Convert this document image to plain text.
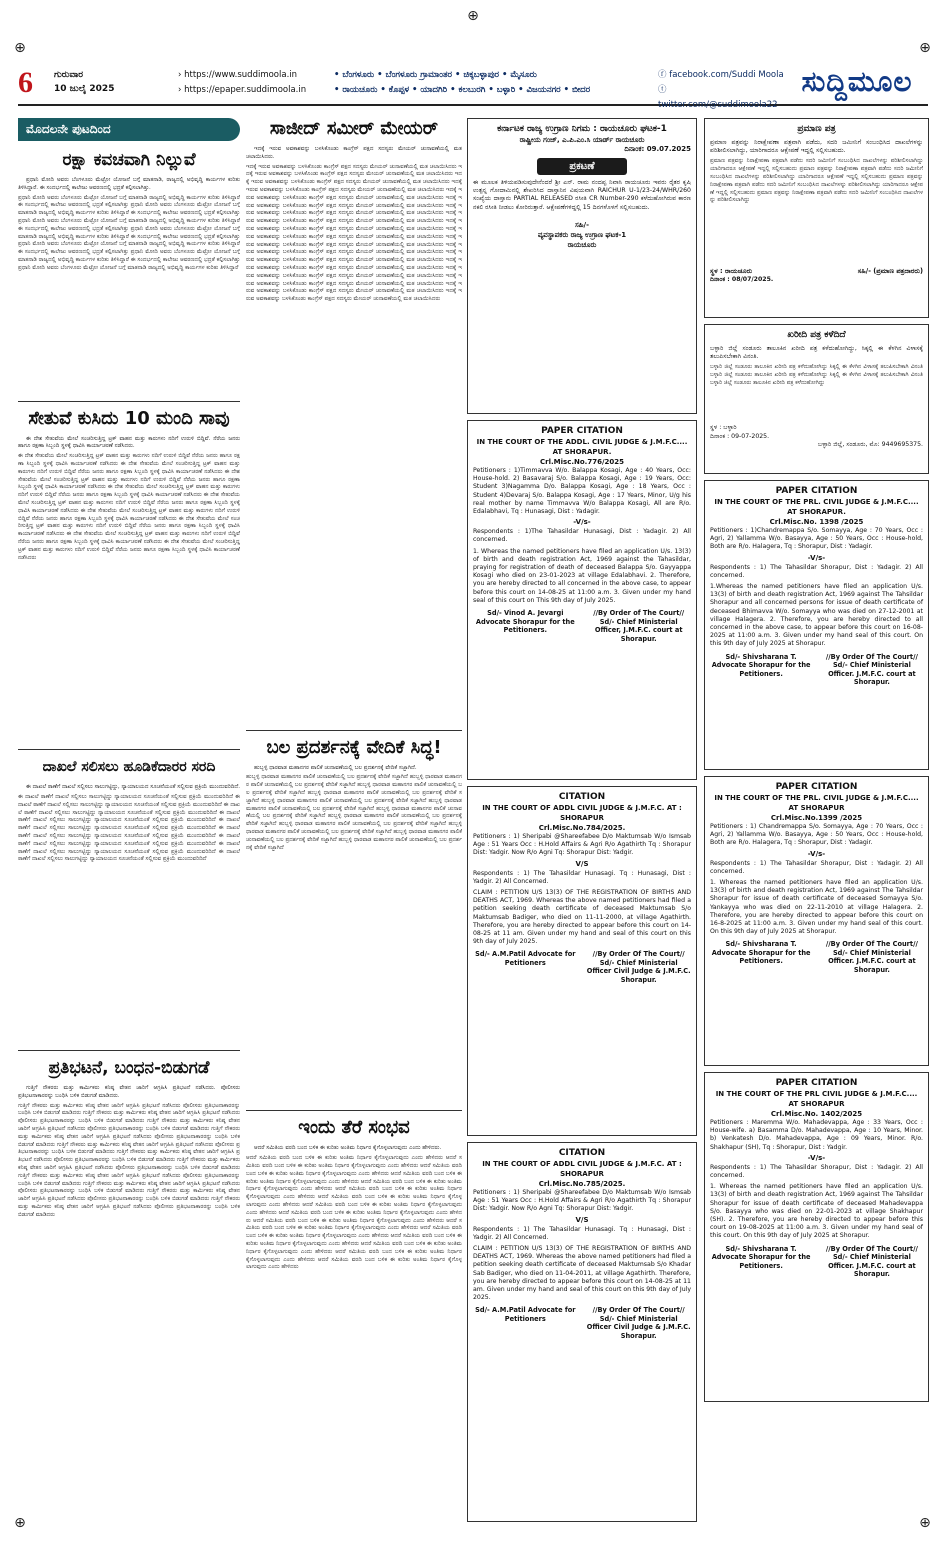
⊕
⊕	⊕
⊕	⊕
6	ಗುರುವಾರ
10 ಜುಲೈ 2025
› https://www.suddimoola.in
› https://epaper.suddimoola.in
• ಬೆಂಗಳೂರು • ಬೆಂಗಳೂರು ಗ್ರಾಮಾಂತರ • ಚಿಕ್ಕಬಳ್ಳಾಪುರ • ಮೈಸೂರು
• ರಾಯಚೂರು • ಕೊಪ್ಪಳ • ಯಾದಗಿರಿ • ಕಲಬುರಗಿ • ಬಳ್ಳಾರಿ • ವಿಜಯನಗರ • ಬೀದರ
ⓕ facebook.com/Suddi Moola
ⓣ twitter.com/@suddimoola22
ಸುದ್ದಿಮೂಲ
ಮೊದಲನೇ ಪುಟದಿಂದ
ರಕ್ಷಾ ಕವಚವಾಗಿ ನಿಲ್ಲುವೆ

ಪ್ರಧಾನಿ ಮೋದಿ ಅವರು ಬೆಂಗಳೂರು ಮೆಟ್ರೋ ಯೋಜನೆ ಬಗ್ಗೆ ಮಾತನಾಡಿ, ರಾಜ್ಯದಲ್ಲಿ ಅಭಿವೃದ್ಧಿ ಕಾರ್ಯಗಳ ಕುರಿತು ತಿಳಿಸಿದ್ದಾರೆ. ಈ ಸಂದರ್ಭದಲ್ಲಿ ಕಾಲೇಜು ಆವರಣದಲ್ಲಿ ಭದ್ರತೆ ಕಲ್ಪಿಸಲಾಗಿತ್ತು.

ಪ್ರಧಾನಿ ಮೋದಿ ಅವರು ಬೆಂಗಳೂರು ಮೆಟ್ರೋ ಯೋಜನೆ ಬಗ್ಗೆ ಮಾತನಾಡಿ ರಾಜ್ಯದಲ್ಲಿ ಅಭಿವೃದ್ಧಿ ಕಾರ್ಯಗಳ ಕುರಿತು ತಿಳಿಸಿದ್ದಾರೆ ಈ ಸಂದರ್ಭದಲ್ಲಿ ಕಾಲೇಜು ಆವರಣದಲ್ಲಿ ಭದ್ರತೆ ಕಲ್ಪಿಸಲಾಗಿತ್ತು ಪ್ರಧಾನಿ ಮೋದಿ ಅವರು ಬೆಂಗಳೂರು ಮೆಟ್ರೋ ಯೋಜನೆ ಬಗ್ಗೆ ಮಾತನಾಡಿ ರಾಜ್ಯದಲ್ಲಿ ಅಭಿವೃದ್ಧಿ ಕಾರ್ಯಗಳ ಕುರಿತು ತಿಳಿಸಿದ್ದಾರೆ ಈ ಸಂದರ್ಭದಲ್ಲಿ ಕಾಲೇಜು ಆವರಣದಲ್ಲಿ ಭದ್ರತೆ ಕಲ್ಪಿಸಲಾಗಿತ್ತು ಪ್ರಧಾನಿ ಮೋದಿ ಅವರು ಬೆಂಗಳೂರು ಮೆಟ್ರೋ ಯೋಜನೆ ಬಗ್ಗೆ ಮಾತನಾಡಿ ರಾಜ್ಯದಲ್ಲಿ ಅಭಿವೃದ್ಧಿ ಕಾರ್ಯಗಳ ಕುರಿತು ತಿಳಿಸಿದ್ದಾರೆ ಈ ಸಂದರ್ಭದಲ್ಲಿ ಕಾಲೇಜು ಆವರಣದಲ್ಲಿ ಭದ್ರತೆ ಕಲ್ಪಿಸಲಾಗಿತ್ತು ಪ್ರಧಾನಿ ಮೋದಿ ಅವರು ಬೆಂಗಳೂರು ಮೆಟ್ರೋ ಯೋಜನೆ ಬಗ್ಗೆ ಮಾತನಾಡಿ ರಾಜ್ಯದಲ್ಲಿ ಅಭಿವೃದ್ಧಿ ಕಾರ್ಯಗಳ ಕುರಿತು ತಿಳಿಸಿದ್ದಾರೆ ಈ ಸಂದರ್ಭದಲ್ಲಿ ಕಾಲೇಜು ಆವರಣದಲ್ಲಿ ಭದ್ರತೆ ಕಲ್ಪಿಸಲಾಗಿತ್ತು ಪ್ರಧಾನಿ ಮೋದಿ ಅವರು ಬೆಂಗಳೂರು ಮೆಟ್ರೋ ಯೋಜನೆ ಬಗ್ಗೆ ಮಾತನಾಡಿ ರಾಜ್ಯದಲ್ಲಿ ಅಭಿವೃದ್ಧಿ ಕಾರ್ಯಗಳ ಕುರಿತು ತಿಳಿಸಿದ್ದಾರೆ ಈ ಸಂದರ್ಭದಲ್ಲಿ ಕಾಲೇಜು ಆವರಣದಲ್ಲಿ ಭದ್ರತೆ ಕಲ್ಪಿಸಲಾಗಿತ್ತು ಪ್ರಧಾನಿ ಮೋದಿ ಅವರು ಬೆಂಗಳೂರು ಮೆಟ್ರೋ ಯೋಜನೆ ಬಗ್ಗೆ ಮಾತನಾಡಿ ರಾಜ್ಯದಲ್ಲಿ ಅಭಿವೃದ್ಧಿ ಕಾರ್ಯಗಳ ಕುರಿತು ತಿಳಿಸಿದ್ದಾರೆ ಈ ಸಂದರ್ಭದಲ್ಲಿ ಕಾಲೇಜು ಆವರಣದಲ್ಲಿ ಭದ್ರತೆ ಕಲ್ಪಿಸಲಾಗಿತ್ತು ಪ್ರಧಾನಿ ಮೋದಿ ಅವರು ಬೆಂಗಳೂರು ಮೆಟ್ರೋ ಯೋಜನೆ ಬಗ್ಗೆ ಮಾತನಾಡಿ ರಾಜ್ಯದಲ್ಲಿ ಅಭಿವೃದ್ಧಿ ಕಾರ್ಯಗಳ ಕುರಿತು ತಿಳಿಸಿದ್ದಾರೆ
ಸೇತುವೆ ಕುಸಿದು 10 ಮಂದಿ ಸಾವು

ಈ ದೇಶ ಸೇತುವೆಯ ಮೇಲೆ ಸಂಚರಿಸುತ್ತಿದ್ದ ಟ್ರಕ್ ವಾಹನ ಮತ್ತು ಕಾರುಗಳು ನದಿಗೆ ಉರುಳಿ ಬಿದ್ದಿವೆ. ನೆರೆಯ ಜನರು ಹಾಗೂ ರಕ್ಷಣಾ ಸಿಬ್ಬಂದಿ ಸ್ಥಳಕ್ಕೆ ಧಾವಿಸಿ ಕಾರ್ಯಾಚರಣೆ ನಡೆಸಿದರು.

ಈ ದೇಶ ಸೇತುವೆಯ ಮೇಲೆ ಸಂಚರಿಸುತ್ತಿದ್ದ ಟ್ರಕ್ ವಾಹನ ಮತ್ತು ಕಾರುಗಳು ನದಿಗೆ ಉರುಳಿ ಬಿದ್ದಿವೆ ನೆರೆಯ ಜನರು ಹಾಗೂ ರಕ್ಷಣಾ ಸಿಬ್ಬಂದಿ ಸ್ಥಳಕ್ಕೆ ಧಾವಿಸಿ ಕಾರ್ಯಾಚರಣೆ ನಡೆಸಿದರು ಈ ದೇಶ ಸೇತುವೆಯ ಮೇಲೆ ಸಂಚರಿಸುತ್ತಿದ್ದ ಟ್ರಕ್ ವಾಹನ ಮತ್ತು ಕಾರುಗಳು ನದಿಗೆ ಉರುಳಿ ಬಿದ್ದಿವೆ ನೆರೆಯ ಜನರು ಹಾಗೂ ರಕ್ಷಣಾ ಸಿಬ್ಬಂದಿ ಸ್ಥಳಕ್ಕೆ ಧಾವಿಸಿ ಕಾರ್ಯಾಚರಣೆ ನಡೆಸಿದರು ಈ ದೇಶ ಸೇತುವೆಯ ಮೇಲೆ ಸಂಚರಿಸುತ್ತಿದ್ದ ಟ್ರಕ್ ವಾಹನ ಮತ್ತು ಕಾರುಗಳು ನದಿಗೆ ಉರುಳಿ ಬಿದ್ದಿವೆ ನೆರೆಯ ಜನರು ಹಾಗೂ ರಕ್ಷಣಾ ಸಿಬ್ಬಂದಿ ಸ್ಥಳಕ್ಕೆ ಧಾವಿಸಿ ಕಾರ್ಯಾಚರಣೆ ನಡೆಸಿದರು ಈ ದೇಶ ಸೇತುವೆಯ ಮೇಲೆ ಸಂಚರಿಸುತ್ತಿದ್ದ ಟ್ರಕ್ ವಾಹನ ಮತ್ತು ಕಾರುಗಳು ನದಿಗೆ ಉರುಳಿ ಬಿದ್ದಿವೆ ನೆರೆಯ ಜನರು ಹಾಗೂ ರಕ್ಷಣಾ ಸಿಬ್ಬಂದಿ ಸ್ಥಳಕ್ಕೆ ಧಾವಿಸಿ ಕಾರ್ಯಾಚರಣೆ ನಡೆಸಿದರು ಈ ದೇಶ ಸೇತುವೆಯ ಮೇಲೆ ಸಂಚರಿಸುತ್ತಿದ್ದ ಟ್ರಕ್ ವಾಹನ ಮತ್ತು ಕಾರುಗಳು ನದಿಗೆ ಉರುಳಿ ಬಿದ್ದಿವೆ ನೆರೆಯ ಜನರು ಹಾಗೂ ರಕ್ಷಣಾ ಸಿಬ್ಬಂದಿ ಸ್ಥಳಕ್ಕೆ ಧಾವಿಸಿ ಕಾರ್ಯಾಚರಣೆ ನಡೆಸಿದರು ಈ ದೇಶ ಸೇತುವೆಯ ಮೇಲೆ ಸಂಚರಿಸುತ್ತಿದ್ದ ಟ್ರಕ್ ವಾಹನ ಮತ್ತು ಕಾರುಗಳು ನದಿಗೆ ಉರುಳಿ ಬಿದ್ದಿವೆ ನೆರೆಯ ಜನರು ಹಾಗೂ ರಕ್ಷಣಾ ಸಿಬ್ಬಂದಿ ಸ್ಥಳಕ್ಕೆ ಧಾವಿಸಿ ಕಾರ್ಯಾಚರಣೆ ನಡೆಸಿದರು ಈ ದೇಶ ಸೇತುವೆಯ ಮೇಲೆ ಸಂಚರಿಸುತ್ತಿದ್ದ ಟ್ರಕ್ ವಾಹನ ಮತ್ತು ಕಾರುಗಳು ನದಿಗೆ ಉರುಳಿ ಬಿದ್ದಿವೆ ನೆರೆಯ ಜನರು ಹಾಗೂ ರಕ್ಷಣಾ ಸಿಬ್ಬಂದಿ ಸ್ಥಳಕ್ಕೆ ಧಾವಿಸಿ ಕಾರ್ಯಾಚರಣೆ ನಡೆಸಿದರು ಈ ದೇಶ ಸೇತುವೆಯ ಮೇಲೆ ಸಂಚರಿಸುತ್ತಿದ್ದ ಟ್ರಕ್ ವಾಹನ ಮತ್ತು ಕಾರುಗಳು ನದಿಗೆ ಉರುಳಿ ಬಿದ್ದಿವೆ ನೆರೆಯ ಜನರು ಹಾಗೂ ರಕ್ಷಣಾ ಸಿಬ್ಬಂದಿ ಸ್ಥಳಕ್ಕೆ ಧಾವಿಸಿ ಕಾರ್ಯಾಚರಣೆ ನಡೆಸಿದರು ಈ ದೇಶ ಸೇತುವೆಯ ಮೇಲೆ ಸಂಚರಿಸುತ್ತಿದ್ದ ಟ್ರಕ್ ವಾಹನ ಮತ್ತು ಕಾರುಗಳು ನದಿಗೆ ಉರುಳಿ ಬಿದ್ದಿವೆ ನೆರೆಯ ಜನರು ಹಾಗೂ ರಕ್ಷಣಾ ಸಿಬ್ಬಂದಿ ಸ್ಥಳಕ್ಕೆ ಧಾವಿಸಿ ಕಾರ್ಯಾಚರಣೆ ನಡೆಸಿದರು
ದಾಖಲೆ ಸಲಿಸಲು ಹೂಡಿಕೆದಾರರ ಸರದಿ

ಈ ದಾಖಲೆ ಠಾಣೆಗೆ ದಾಖಲೆ ಸಲ್ಲಿಸಲು ಸಾಲುಗಟ್ಟಿದ್ದು, ನ್ಯಾಯಾಲಯದ ಸೂಚನೆಯಂತೆ ಸಲ್ಲಿಸುವ ಪ್ರಕ್ರಿಯೆ ಮುಂದುವರಿದಿದೆ.

ಈ ದಾಖಲೆ ಠಾಣೆಗೆ ದಾಖಲೆ ಸಲ್ಲಿಸಲು ಸಾಲುಗಟ್ಟಿದ್ದು ನ್ಯಾಯಾಲಯದ ಸೂಚನೆಯಂತೆ ಸಲ್ಲಿಸುವ ಪ್ರಕ್ರಿಯೆ ಮುಂದುವರಿದಿದೆ ಈ ದಾಖಲೆ ಠಾಣೆಗೆ ದಾಖಲೆ ಸಲ್ಲಿಸಲು ಸಾಲುಗಟ್ಟಿದ್ದು ನ್ಯಾಯಾಲಯದ ಸೂಚನೆಯಂತೆ ಸಲ್ಲಿಸುವ ಪ್ರಕ್ರಿಯೆ ಮುಂದುವರಿದಿದೆ ಈ ದಾಖಲೆ ಠಾಣೆಗೆ ದಾಖಲೆ ಸಲ್ಲಿಸಲು ಸಾಲುಗಟ್ಟಿದ್ದು ನ್ಯಾಯಾಲಯದ ಸೂಚನೆಯಂತೆ ಸಲ್ಲಿಸುವ ಪ್ರಕ್ರಿಯೆ ಮುಂದುವರಿದಿದೆ ಈ ದಾಖಲೆ ಠಾಣೆಗೆ ದಾಖಲೆ ಸಲ್ಲಿಸಲು ಸಾಲುಗಟ್ಟಿದ್ದು ನ್ಯಾಯಾಲಯದ ಸೂಚನೆಯಂತೆ ಸಲ್ಲಿಸುವ ಪ್ರಕ್ರಿಯೆ ಮುಂದುವರಿದಿದೆ ಈ ದಾಖಲೆ ಠಾಣೆಗೆ ದಾಖಲೆ ಸಲ್ಲಿಸಲು ಸಾಲುಗಟ್ಟಿದ್ದು ನ್ಯಾಯಾಲಯದ ಸೂಚನೆಯಂತೆ ಸಲ್ಲಿಸುವ ಪ್ರಕ್ರಿಯೆ ಮುಂದುವರಿದಿದೆ ಈ ದಾಖಲೆ ಠಾಣೆಗೆ ದಾಖಲೆ ಸಲ್ಲಿಸಲು ಸಾಲುಗಟ್ಟಿದ್ದು ನ್ಯಾಯಾಲಯದ ಸೂಚನೆಯಂತೆ ಸಲ್ಲಿಸುವ ಪ್ರಕ್ರಿಯೆ ಮುಂದುವರಿದಿದೆ ಈ ದಾಖಲೆ ಠಾಣೆಗೆ ದಾಖಲೆ ಸಲ್ಲಿಸಲು ಸಾಲುಗಟ್ಟಿದ್ದು ನ್ಯಾಯಾಲಯದ ಸೂಚನೆಯಂತೆ ಸಲ್ಲಿಸುವ ಪ್ರಕ್ರಿಯೆ ಮುಂದುವರಿದಿದೆ ಈ ದಾಖಲೆ ಠಾಣೆಗೆ ದಾಖಲೆ ಸಲ್ಲಿಸಲು ಸಾಲುಗಟ್ಟಿದ್ದು ನ್ಯಾಯಾಲಯದ ಸೂಚನೆಯಂತೆ ಸಲ್ಲಿಸುವ ಪ್ರಕ್ರಿಯೆ ಮುಂದುವರಿದಿದೆ ಈ ದಾಖಲೆ ಠಾಣೆಗೆ ದಾಖಲೆ ಸಲ್ಲಿಸಲು ಸಾಲುಗಟ್ಟಿದ್ದು ನ್ಯಾಯಾಲಯದ ಸೂಚನೆಯಂತೆ ಸಲ್ಲಿಸುವ ಪ್ರಕ್ರಿಯೆ ಮುಂದುವರಿದಿದೆ
ಪ್ರತಿಭಟನೆ, ಬಂಧನ-ಬಿಡುಗಡೆ

ಗುತ್ತಿಗೆ ನೌಕರರು ಮತ್ತು ಕಾರ್ಮಿಕರು ಕನಿಷ್ಠ ವೇತನ ಜಾರಿಗೆ ಆಗ್ರಹಿಸಿ ಪ್ರತಿಭಟನೆ ನಡೆಸಿದರು. ಪೊಲೀಸರು ಪ್ರತಿಭಟನಾಕಾರರನ್ನು ಬಂಧಿಸಿ ಬಳಿಕ ಬಿಡುಗಡೆ ಮಾಡಿದರು.

ಗುತ್ತಿಗೆ ನೌಕರರು ಮತ್ತು ಕಾರ್ಮಿಕರು ಕನಿಷ್ಠ ವೇತನ ಜಾರಿಗೆ ಆಗ್ರಹಿಸಿ ಪ್ರತಿಭಟನೆ ನಡೆಸಿದರು ಪೊಲೀಸರು ಪ್ರತಿಭಟನಾಕಾರರನ್ನು ಬಂಧಿಸಿ ಬಳಿಕ ಬಿಡುಗಡೆ ಮಾಡಿದರು ಗುತ್ತಿಗೆ ನೌಕರರು ಮತ್ತು ಕಾರ್ಮಿಕರು ಕನಿಷ್ಠ ವೇತನ ಜಾರಿಗೆ ಆಗ್ರಹಿಸಿ ಪ್ರತಿಭಟನೆ ನಡೆಸಿದರು ಪೊಲೀಸರು ಪ್ರತಿಭಟನಾಕಾರರನ್ನು ಬಂಧಿಸಿ ಬಳಿಕ ಬಿಡುಗಡೆ ಮಾಡಿದರು ಗುತ್ತಿಗೆ ನೌಕರರು ಮತ್ತು ಕಾರ್ಮಿಕರು ಕನಿಷ್ಠ ವೇತನ ಜಾರಿಗೆ ಆಗ್ರಹಿಸಿ ಪ್ರತಿಭಟನೆ ನಡೆಸಿದರು ಪೊಲೀಸರು ಪ್ರತಿಭಟನಾಕಾರರನ್ನು ಬಂಧಿಸಿ ಬಳಿಕ ಬಿಡುಗಡೆ ಮಾಡಿದರು ಗುತ್ತಿಗೆ ನೌಕರರು ಮತ್ತು ಕಾರ್ಮಿಕರು ಕನಿಷ್ಠ ವೇತನ ಜಾರಿಗೆ ಆಗ್ರಹಿಸಿ ಪ್ರತಿಭಟನೆ ನಡೆಸಿದರು ಪೊಲೀಸರು ಪ್ರತಿಭಟನಾಕಾರರನ್ನು ಬಂಧಿಸಿ ಬಳಿಕ ಬಿಡುಗಡೆ ಮಾಡಿದರು ಗುತ್ತಿಗೆ ನೌಕರರು ಮತ್ತು ಕಾರ್ಮಿಕರು ಕನಿಷ್ಠ ವೇತನ ಜಾರಿಗೆ ಆಗ್ರಹಿಸಿ ಪ್ರತಿಭಟನೆ ನಡೆಸಿದರು ಪೊಲೀಸರು ಪ್ರತಿಭಟನಾಕಾರರನ್ನು ಬಂಧಿಸಿ ಬಳಿಕ ಬಿಡುಗಡೆ ಮಾಡಿದರು ಗುತ್ತಿಗೆ ನೌಕರರು ಮತ್ತು ಕಾರ್ಮಿಕರು ಕನಿಷ್ಠ ವೇತನ ಜಾರಿಗೆ ಆಗ್ರಹಿಸಿ ಪ್ರತಿಭಟನೆ ನಡೆಸಿದರು ಪೊಲೀಸರು ಪ್ರತಿಭಟನಾಕಾರರನ್ನು ಬಂಧಿಸಿ ಬಳಿಕ ಬಿಡುಗಡೆ ಮಾಡಿದರು ಗುತ್ತಿಗೆ ನೌಕರರು ಮತ್ತು ಕಾರ್ಮಿಕರು ಕನಿಷ್ಠ ವೇತನ ಜಾರಿಗೆ ಆಗ್ರಹಿಸಿ ಪ್ರತಿಭಟನೆ ನಡೆಸಿದರು ಪೊಲೀಸರು ಪ್ರತಿಭಟನಾಕಾರರನ್ನು ಬಂಧಿಸಿ ಬಳಿಕ ಬಿಡುಗಡೆ ಮಾಡಿದರು ಗುತ್ತಿಗೆ ನೌಕರರು ಮತ್ತು ಕಾರ್ಮಿಕರು ಕನಿಷ್ಠ ವೇತನ ಜಾರಿಗೆ ಆಗ್ರಹಿಸಿ ಪ್ರತಿಭಟನೆ ನಡೆಸಿದರು ಪೊಲೀಸರು ಪ್ರತಿಭಟನಾಕಾರರನ್ನು ಬಂಧಿಸಿ ಬಳಿಕ ಬಿಡುಗಡೆ ಮಾಡಿದರು ಗುತ್ತಿಗೆ ನೌಕರರು ಮತ್ತು ಕಾರ್ಮಿಕರು ಕನಿಷ್ಠ ವೇತನ ಜಾರಿಗೆ ಆಗ್ರಹಿಸಿ ಪ್ರತಿಭಟನೆ ನಡೆಸಿದರು ಪೊಲೀಸರು ಪ್ರತಿಭಟನಾಕಾರರನ್ನು ಬಂಧಿಸಿ ಬಳಿಕ ಬಿಡುಗಡೆ ಮಾಡಿದರು ಗುತ್ತಿಗೆ ನೌಕರರು ಮತ್ತು ಕಾರ್ಮಿಕರು ಕನಿಷ್ಠ ವೇತನ ಜಾರಿಗೆ ಆಗ್ರಹಿಸಿ ಪ್ರತಿಭಟನೆ ನಡೆಸಿದರು ಪೊಲೀಸರು ಪ್ರತಿಭಟನಾಕಾರರನ್ನು ಬಂಧಿಸಿ ಬಳಿಕ ಬಿಡುಗಡೆ ಮಾಡಿದರು ಗುತ್ತಿಗೆ ನೌಕರರು ಮತ್ತು ಕಾರ್ಮಿಕರು ಕನಿಷ್ಠ ವೇತನ ಜಾರಿಗೆ ಆಗ್ರಹಿಸಿ ಪ್ರತಿಭಟನೆ ನಡೆಸಿದರು ಪೊಲೀಸರು ಪ್ರತಿಭಟನಾಕಾರರನ್ನು ಬಂಧಿಸಿ ಬಳಿಕ ಬಿಡುಗಡೆ ಮಾಡಿದರು
ಸಾಜೀದ್ ಸಮೀರ್ ಮೇಯರ್

ಇದಕ್ಕೆ ಇರುವ ಅವಕಾಶವನ್ನು ಬಳಸಿಕೊಂಡು ಕಾಂಗ್ರೆಸ್ ಪಕ್ಷದ ಸದಸ್ಯರು ಮೇಯರ್ ಚುನಾವಣೆಯಲ್ಲಿ ಮತ ಚಲಾಯಿಸಿದರು.

ಇದಕ್ಕೆ ಇರುವ ಅವಕಾಶವನ್ನು ಬಳಸಿಕೊಂಡು ಕಾಂಗ್ರೆಸ್ ಪಕ್ಷದ ಸದಸ್ಯರು ಮೇಯರ್ ಚುನಾವಣೆಯಲ್ಲಿ ಮತ ಚಲಾಯಿಸಿದರು ಇದಕ್ಕೆ ಇರುವ ಅವಕಾಶವನ್ನು ಬಳಸಿಕೊಂಡು ಕಾಂಗ್ರೆಸ್ ಪಕ್ಷದ ಸದಸ್ಯರು ಮೇಯರ್ ಚುನಾವಣೆಯಲ್ಲಿ ಮತ ಚಲಾಯಿಸಿದರು ಇದಕ್ಕೆ ಇರುವ ಅವಕಾಶವನ್ನು ಬಳಸಿಕೊಂಡು ಕಾಂಗ್ರೆಸ್ ಪಕ್ಷದ ಸದಸ್ಯರು ಮೇಯರ್ ಚುನಾವಣೆಯಲ್ಲಿ ಮತ ಚಲಾಯಿಸಿದರು ಇದಕ್ಕೆ ಇರುವ ಅವಕಾಶವನ್ನು ಬಳಸಿಕೊಂಡು ಕಾಂಗ್ರೆಸ್ ಪಕ್ಷದ ಸದಸ್ಯರು ಮೇಯರ್ ಚುನಾವಣೆಯಲ್ಲಿ ಮತ ಚಲಾಯಿಸಿದರು ಇದಕ್ಕೆ ಇರುವ ಅವಕಾಶವನ್ನು ಬಳಸಿಕೊಂಡು ಕಾಂಗ್ರೆಸ್ ಪಕ್ಷದ ಸದಸ್ಯರು ಮೇಯರ್ ಚುನಾವಣೆಯಲ್ಲಿ ಮತ ಚಲಾಯಿಸಿದರು ಇದಕ್ಕೆ ಇರುವ ಅವಕಾಶವನ್ನು ಬಳಸಿಕೊಂಡು ಕಾಂಗ್ರೆಸ್ ಪಕ್ಷದ ಸದಸ್ಯರು ಮೇಯರ್ ಚುನಾವಣೆಯಲ್ಲಿ ಮತ ಚಲಾಯಿಸಿದರು ಇದಕ್ಕೆ ಇರುವ ಅವಕಾಶವನ್ನು ಬಳಸಿಕೊಂಡು ಕಾಂಗ್ರೆಸ್ ಪಕ್ಷದ ಸದಸ್ಯರು ಮೇಯರ್ ಚುನಾವಣೆಯಲ್ಲಿ ಮತ ಚಲಾಯಿಸಿದರು ಇದಕ್ಕೆ ಇರುವ ಅವಕಾಶವನ್ನು ಬಳಸಿಕೊಂಡು ಕಾಂಗ್ರೆಸ್ ಪಕ್ಷದ ಸದಸ್ಯರು ಮೇಯರ್ ಚುನಾವಣೆಯಲ್ಲಿ ಮತ ಚಲಾಯಿಸಿದರು ಇದಕ್ಕೆ ಇರುವ ಅವಕಾಶವನ್ನು ಬಳಸಿಕೊಂಡು ಕಾಂಗ್ರೆಸ್ ಪಕ್ಷದ ಸದಸ್ಯರು ಮೇಯರ್ ಚುನಾವಣೆಯಲ್ಲಿ ಮತ ಚಲಾಯಿಸಿದರು ಇದಕ್ಕೆ ಇರುವ ಅವಕಾಶವನ್ನು ಬಳಸಿಕೊಂಡು ಕಾಂಗ್ರೆಸ್ ಪಕ್ಷದ ಸದಸ್ಯರು ಮೇಯರ್ ಚುನಾವಣೆಯಲ್ಲಿ ಮತ ಚಲಾಯಿಸಿದರು ಇದಕ್ಕೆ ಇರುವ ಅವಕಾಶವನ್ನು ಬಳಸಿಕೊಂಡು ಕಾಂಗ್ರೆಸ್ ಪಕ್ಷದ ಸದಸ್ಯರು ಮೇಯರ್ ಚುನಾವಣೆಯಲ್ಲಿ ಮತ ಚಲಾಯಿಸಿದರು ಇದಕ್ಕೆ ಇರುವ ಅವಕಾಶವನ್ನು ಬಳಸಿಕೊಂಡು ಕಾಂಗ್ರೆಸ್ ಪಕ್ಷದ ಸದಸ್ಯರು ಮೇಯರ್ ಚುನಾವಣೆಯಲ್ಲಿ ಮತ ಚಲಾಯಿಸಿದರು ಇದಕ್ಕೆ ಇರುವ ಅವಕಾಶವನ್ನು ಬಳಸಿಕೊಂಡು ಕಾಂಗ್ರೆಸ್ ಪಕ್ಷದ ಸದಸ್ಯರು ಮೇಯರ್ ಚುನಾವಣೆಯಲ್ಲಿ ಮತ ಚಲಾಯಿಸಿದರು ಇದಕ್ಕೆ ಇರುವ ಅವಕಾಶವನ್ನು ಬಳಸಿಕೊಂಡು ಕಾಂಗ್ರೆಸ್ ಪಕ್ಷದ ಸದಸ್ಯರು ಮೇಯರ್ ಚುನಾವಣೆಯಲ್ಲಿ ಮತ ಚಲಾಯಿಸಿದರು ಇದಕ್ಕೆ ಇರುವ ಅವಕಾಶವನ್ನು ಬಳಸಿಕೊಂಡು ಕಾಂಗ್ರೆಸ್ ಪಕ್ಷದ ಸದಸ್ಯರು ಮೇಯರ್ ಚುನಾವಣೆಯಲ್ಲಿ ಮತ ಚಲಾಯಿಸಿದರು ಇದಕ್ಕೆ ಇರುವ ಅವಕಾಶವನ್ನು ಬಳಸಿಕೊಂಡು ಕಾಂಗ್ರೆಸ್ ಪಕ್ಷದ ಸದಸ್ಯರು ಮೇಯರ್ ಚುನಾವಣೆಯಲ್ಲಿ ಮತ ಚಲಾಯಿಸಿದರು ಇದಕ್ಕೆ ಇರುವ ಅವಕಾಶವನ್ನು ಬಳಸಿಕೊಂಡು ಕಾಂಗ್ರೆಸ್ ಪಕ್ಷದ ಸದಸ್ಯರು ಮೇಯರ್ ಚುನಾವಣೆಯಲ್ಲಿ ಮತ ಚಲಾಯಿಸಿದರು ಇದಕ್ಕೆ ಇರುವ ಅವಕಾಶವನ್ನು ಬಳಸಿಕೊಂಡು ಕಾಂಗ್ರೆಸ್ ಪಕ್ಷದ ಸದಸ್ಯರು ಮೇಯರ್ ಚುನಾವಣೆಯಲ್ಲಿ ಮತ ಚಲಾಯಿಸಿದರು
ಬಲ ಪ್ರದರ್ಶನಕ್ಕೆ ವೇದಿಕೆ ಸಿದ್ಧ!

ಹುಬ್ಬಳ್ಳಿ ಧಾರವಾಡ ಮಹಾನಗರ ಪಾಲಿಕೆ ಚುನಾವಣೆಯಲ್ಲಿ ಬಲ ಪ್ರದರ್ಶನಕ್ಕೆ ವೇದಿಕೆ ಸಜ್ಜಾಗಿದೆ.

ಹುಬ್ಬಳ್ಳಿ ಧಾರವಾಡ ಮಹಾನಗರ ಪಾಲಿಕೆ ಚುನಾವಣೆಯಲ್ಲಿ ಬಲ ಪ್ರದರ್ಶನಕ್ಕೆ ವೇದಿಕೆ ಸಜ್ಜಾಗಿದೆ ಹುಬ್ಬಳ್ಳಿ ಧಾರವಾಡ ಮಹಾನಗರ ಪಾಲಿಕೆ ಚುನಾವಣೆಯಲ್ಲಿ ಬಲ ಪ್ರದರ್ಶನಕ್ಕೆ ವೇದಿಕೆ ಸಜ್ಜಾಗಿದೆ ಹುಬ್ಬಳ್ಳಿ ಧಾರವಾಡ ಮಹಾನಗರ ಪಾಲಿಕೆ ಚುನಾವಣೆಯಲ್ಲಿ ಬಲ ಪ್ರದರ್ಶನಕ್ಕೆ ವೇದಿಕೆ ಸಜ್ಜಾಗಿದೆ ಹುಬ್ಬಳ್ಳಿ ಧಾರವಾಡ ಮಹಾನಗರ ಪಾಲಿಕೆ ಚುನಾವಣೆಯಲ್ಲಿ ಬಲ ಪ್ರದರ್ಶನಕ್ಕೆ ವೇದಿಕೆ ಸಜ್ಜಾಗಿದೆ ಹುಬ್ಬಳ್ಳಿ ಧಾರವಾಡ ಮಹಾನಗರ ಪಾಲಿಕೆ ಚುನಾವಣೆಯಲ್ಲಿ ಬಲ ಪ್ರದರ್ಶನಕ್ಕೆ ವೇದಿಕೆ ಸಜ್ಜಾಗಿದೆ ಹುಬ್ಬಳ್ಳಿ ಧಾರವಾಡ ಮಹಾನಗರ ಪಾಲಿಕೆ ಚುನಾವಣೆಯಲ್ಲಿ ಬಲ ಪ್ರದರ್ಶನಕ್ಕೆ ವೇದಿಕೆ ಸಜ್ಜಾಗಿದೆ ಹುಬ್ಬಳ್ಳಿ ಧಾರವಾಡ ಮಹಾನಗರ ಪಾಲಿಕೆ ಚುನಾವಣೆಯಲ್ಲಿ ಬಲ ಪ್ರದರ್ಶನಕ್ಕೆ ವೇದಿಕೆ ಸಜ್ಜಾಗಿದೆ ಹುಬ್ಬಳ್ಳಿ ಧಾರವಾಡ ಮಹಾನಗರ ಪಾಲಿಕೆ ಚುನಾವಣೆಯಲ್ಲಿ ಬಲ ಪ್ರದರ್ಶನಕ್ಕೆ ವೇದಿಕೆ ಸಜ್ಜಾಗಿದೆ ಹುಬ್ಬಳ್ಳಿ ಧಾರವಾಡ ಮಹಾನಗರ ಪಾಲಿಕೆ ಚುನಾವಣೆಯಲ್ಲಿ ಬಲ ಪ್ರದರ್ಶನಕ್ಕೆ ವೇದಿಕೆ ಸಜ್ಜಾಗಿದೆ ಹುಬ್ಬಳ್ಳಿ ಧಾರವಾಡ ಮಹಾನಗರ ಪಾಲಿಕೆ ಚುನಾವಣೆಯಲ್ಲಿ ಬಲ ಪ್ರದರ್ಶನಕ್ಕೆ ವೇದಿಕೆ ಸಜ್ಜಾಗಿದೆ ಹುಬ್ಬಳ್ಳಿ ಧಾರವಾಡ ಮಹಾನಗರ ಪಾಲಿಕೆ ಚುನಾವಣೆಯಲ್ಲಿ ಬಲ ಪ್ರದರ್ಶನಕ್ಕೆ ವೇದಿಕೆ ಸಜ್ಜಾಗಿದೆ ಹುಬ್ಬಳ್ಳಿ ಧಾರವಾಡ ಮಹಾನಗರ ಪಾಲಿಕೆ ಚುನಾವಣೆಯಲ್ಲಿ ಬಲ ಪ್ರದರ್ಶನಕ್ಕೆ ವೇದಿಕೆ ಸಜ್ಜಾಗಿದೆ
ಇಂದು ತೆರೆ ಸಂಭವ

ಆದರೆ ಸಮಿತಿಯ ವರದಿ ಬಂದ ಬಳಿಕ ಈ ಕುರಿತು ಅಂತಿಮ ನಿರ್ಧಾರ ಕೈಗೊಳ್ಳಲಾಗುವುದು ಎಂದು ಹೇಳಿದರು.

ಆದರೆ ಸಮಿತಿಯ ವರದಿ ಬಂದ ಬಳಿಕ ಈ ಕುರಿತು ಅಂತಿಮ ನಿರ್ಧಾರ ಕೈಗೊಳ್ಳಲಾಗುವುದು ಎಂದು ಹೇಳಿದರು ಆದರೆ ಸಮಿತಿಯ ವರದಿ ಬಂದ ಬಳಿಕ ಈ ಕುರಿತು ಅಂತಿಮ ನಿರ್ಧಾರ ಕೈಗೊಳ್ಳಲಾಗುವುದು ಎಂದು ಹೇಳಿದರು ಆದರೆ ಸಮಿತಿಯ ವರದಿ ಬಂದ ಬಳಿಕ ಈ ಕುರಿತು ಅಂತಿಮ ನಿರ್ಧಾರ ಕೈಗೊಳ್ಳಲಾಗುವುದು ಎಂದು ಹೇಳಿದರು ಆದರೆ ಸಮಿತಿಯ ವರದಿ ಬಂದ ಬಳಿಕ ಈ ಕುರಿತು ಅಂತಿಮ ನಿರ್ಧಾರ ಕೈಗೊಳ್ಳಲಾಗುವುದು ಎಂದು ಹೇಳಿದರು ಆದರೆ ಸಮಿತಿಯ ವರದಿ ಬಂದ ಬಳಿಕ ಈ ಕುರಿತು ಅಂತಿಮ ನಿರ್ಧಾರ ಕೈಗೊಳ್ಳಲಾಗುವುದು ಎಂದು ಹೇಳಿದರು ಆದರೆ ಸಮಿತಿಯ ವರದಿ ಬಂದ ಬಳಿಕ ಈ ಕುರಿತು ಅಂತಿಮ ನಿರ್ಧಾರ ಕೈಗೊಳ್ಳಲಾಗುವುದು ಎಂದು ಹೇಳಿದರು ಆದರೆ ಸಮಿತಿಯ ವರದಿ ಬಂದ ಬಳಿಕ ಈ ಕುರಿತು ಅಂತಿಮ ನಿರ್ಧಾರ ಕೈಗೊಳ್ಳಲಾಗುವುದು ಎಂದು ಹೇಳಿದರು ಆದರೆ ಸಮಿತಿಯ ವರದಿ ಬಂದ ಬಳಿಕ ಈ ಕುರಿತು ಅಂತಿಮ ನಿರ್ಧಾರ ಕೈಗೊಳ್ಳಲಾಗುವುದು ಎಂದು ಹೇಳಿದರು ಆದರೆ ಸಮಿತಿಯ ವರದಿ ಬಂದ ಬಳಿಕ ಈ ಕುರಿತು ಅಂತಿಮ ನಿರ್ಧಾರ ಕೈಗೊಳ್ಳಲಾಗುವುದು ಎಂದು ಹೇಳಿದರು ಆದರೆ ಸಮಿತಿಯ ವರದಿ ಬಂದ ಬಳಿಕ ಈ ಕುರಿತು ಅಂತಿಮ ನಿರ್ಧಾರ ಕೈಗೊಳ್ಳಲಾಗುವುದು ಎಂದು ಹೇಳಿದರು ಆದರೆ ಸಮಿತಿಯ ವರದಿ ಬಂದ ಬಳಿಕ ಈ ಕುರಿತು ಅಂತಿಮ ನಿರ್ಧಾರ ಕೈಗೊಳ್ಳಲಾಗುವುದು ಎಂದು ಹೇಳಿದರು ಆದರೆ ಸಮಿತಿಯ ವರದಿ ಬಂದ ಬಳಿಕ ಈ ಕುರಿತು ಅಂತಿಮ ನಿರ್ಧಾರ ಕೈಗೊಳ್ಳಲಾಗುವುದು ಎಂದು ಹೇಳಿದರು ಆದರೆ ಸಮಿತಿಯ ವರದಿ ಬಂದ ಬಳಿಕ ಈ ಕುರಿತು ಅಂತಿಮ ನಿರ್ಧಾರ ಕೈಗೊಳ್ಳಲಾಗುವುದು ಎಂದು ಹೇಳಿದರು ಆದರೆ ಸಮಿತಿಯ ವರದಿ ಬಂದ ಬಳಿಕ ಈ ಕುರಿತು ಅಂತಿಮ ನಿರ್ಧಾರ ಕೈಗೊಳ್ಳಲಾಗುವುದು ಎಂದು ಹೇಳಿದರು ಆದರೆ ಸಮಿತಿಯ ವರದಿ ಬಂದ ಬಳಿಕ ಈ ಕುರಿತು ಅಂತಿಮ ನಿರ್ಧಾರ ಕೈಗೊಳ್ಳಲಾಗುವುದು ಎಂದು ಹೇಳಿದರು ಆದರೆ ಸಮಿತಿಯ ವರದಿ ಬಂದ ಬಳಿಕ ಈ ಕುರಿತು ಅಂತಿಮ ನಿರ್ಧಾರ ಕೈಗೊಳ್ಳಲಾಗುವುದು ಎಂದು ಹೇಳಿದರು
ಕರ್ನಾಟಕ ರಾಜ್ಯ ಉಗ್ರಾಣ ನಿಗಮ : ರಾಯಚೂರು ಘಟಕ-1
ರಾಷ್ಟ್ರೀಯ ಗಂಜ್, ಎ.ಪಿ.ಎಂ.ಸಿ ಯಾರ್ಡ್ ರಾಯಚೂರು
ದಿನಾಂಕ: 09.07.2025
ಪ್ರಕಟಣೆ
ಈ ಮೂಲಕ ತಿಳಿಯಪಡಿಸುವುದೇನೆಂದರೆ ಶ್ರೀ ಎನ್. ರಾಮ ನಂದಪ್ಪ ನಿವಾಸಿ ರಾಯಚೂರು ಇವರು ರೈತರ ಕೃಷಿ ಉತ್ಪನ್ನ ಗೋದಾಮಿನಲ್ಲಿ ಶೇಖರಿಸಿದ ದಾಸ್ತಾನಿನ ವಿಷಯವಾಗಿ RAICHUR U-1/23-24/WHR/260 ಸಂಖ್ಯೆಯ ದಾಸ್ತಾನು PARTIAL RELEASED ರಸೀತಿ CR Number-290 ಕಳೆದುಹೋಗಿರುವ ಕಾರಣ ನಕಲಿ ರಸೀತಿ ನೀಡಲು ಕೋರಿರುತ್ತಾರೆ. ಆಕ್ಷೇಪಣೆಗಳಿದ್ದಲ್ಲಿ 15 ದಿನಗಳೊಳಗೆ ಸಲ್ಲಿಸಬಹುದು.
ಸಹಿ/-
ವ್ಯವಸ್ಥಾಪಕರು ರಾಜ್ಯ ಉಗ್ರಾಣ ಘಟಕ-1
ರಾಯಚೂರು
PAPER CITATION
IN THE COURT OF THE ADDL. CIVIL JUDGE & J.M.F.C.... AT SHORAPUR.
Crl.Misc.No.776/2025
Petitioners : 1)Timmavva W/o. Balappa Kosagi, Age : 40 Years, Occ: House-hold. 2) Basavaraj S/o. Balappa Kosagi, Age : 19 Years, Occ: Student 3)Nagamma D/o. Balappa Kosagi, Age : 18 Years, Occ : Student 4)Devaraj S/o. Balappa Kosagi, Age : 17 Years, Minor, U/g his real mother by name Timmavva W/o Balappa Kosagi, All are R/o. Edalabhavi, Tq : Hunasagi, Dist : Yadagir.
-V/s-
Respondents : 1)The Tahasildar Hunasagi, Dist : Yadagir. 2) All concerned.
1. Whereas the named petitioners have filed an application U/s. 13(3) of birth and death registration Act, 1969 against the Tahasildar, praying for registration of death of deceased Balappa S/o. Gayyappa Kosagi who died on 23-01-2023 at village Edalabhavi. 2. Therefore, you are hereby directed to all concerned in the above case, to appear before this court on 14-08-25 at 11:00 a.m. 3. Given under my hand seal of this court on This 9th day of July 2025.
Sd/- Vinod A. Jevargi Advocate Shorapur for the Petitioners.
//By Order of The Court// Sd/- Chief Ministerial Officer, J.M.F.C. court at Shorapur.
CITATION
IN THE COURT OF ADDL CIVIL JUDGE & J.M.F.C. AT : SHORAPUR
Crl.Misc.No.784/2025.
Petitioners : 1) Sheripabi @Shareefabee D/o Maktumsab W/o Ismsab Age : 51 Years Occ : H.Hold Affairs & Agri R/o Agathirth Tq : Shorapur Dist: Yadgir. Now R/o Agni Tq: Shorapur Dist: Yadgir.
V/S
Respondents : 1) The Tahasildar Hunasagi. Tq : Hunasagi, Dist : Yadgir. 2) All Concerned.
CLAIM : PETITION U/S 13(3) OF THE REGISTRATION OF BIRTHS AND DEATHS ACT, 1969. Whereas the above named petitioners had filed a petition seeking death certificate of deceased Maktumsab S/o Maktumsab Badiger, who died on 11-11-2000, at village Agathirth. Therefore, you are hereby directed to appear before this court on 14-08-25 at 11 am. Given under my hand and seal of this court on this 9th day of July 2025.
Sd/- A.M.Patil Advocate for Petitioners
//By Order Of The Court// Sd/- Chief Ministerial Officer Civil Judge & J.M.F.C. Shorapur.
CITATION
IN THE COURT OF ADDL CIVIL JUDGE & J.M.F.C. AT : SHORAPUR
Crl.Misc.No.785/2025.
Petitioners : 1) Sheripabi @Shareefabee D/o Maktumsab W/o Ismsab Age : 51 Years Occ : H.Hold Affairs & Agri R/o Agathirth Tq : Shorapur Dist: Yadgir. Now R/o Agni Tq: Shorapur Dist: Yadgir.
V/S
Respondents : 1) The Tahasildar Hunasagi. Tq : Hunasagi, Dist : Yadgir. 2) All Concerned.
CLAIM : PETITION U/S 13(3) OF THE REGISTRATION OF BIRTHS AND DEATHS ACT, 1969. Whereas the above named petitioners had filed a petition seeking death certificate of deceased Maktumsab S/o Khadar Sab Badiger, who died on 11-04-2011, at village Agathirth. Therefore, you are hereby directed to appear before this court on 14-08-25 at 11 am. Given under my hand and seal of this court on this 9th day of July 2025.
Sd/- A.M.Patil Advocate for Petitioners
//By Order Of The Court// Sd/- Chief Ministerial Officer Civil Judge & J.M.F.C. Shorapur.
ಪ್ರಮಾಣ ಪತ್ರ
ಪ್ರಮಾಣ ಪತ್ರವನ್ನು ನಿರಾಕ್ಷೇಪಣಾ ಪತ್ರವಾಗಿ ಪಡೆದು, ಸದರಿ ಜಮೀನಿಗೆ ಸಂಬಂಧಿಸಿದ ದಾಖಲೆಗಳನ್ನು ಪರಿಶೀಲಿಸಲಾಗಿದ್ದು, ಯಾರಿಗಾದರೂ ಆಕ್ಷೇಪಣೆ ಇದ್ದಲ್ಲಿ ಸಲ್ಲಿಸಬಹುದು.
ಪ್ರಮಾಣ ಪತ್ರವನ್ನು ನಿರಾಕ್ಷೇಪಣಾ ಪತ್ರವಾಗಿ ಪಡೆದು ಸದರಿ ಜಮೀನಿಗೆ ಸಂಬಂಧಿಸಿದ ದಾಖಲೆಗಳನ್ನು ಪರಿಶೀಲಿಸಲಾಗಿದ್ದು ಯಾರಿಗಾದರೂ ಆಕ್ಷೇಪಣೆ ಇದ್ದಲ್ಲಿ ಸಲ್ಲಿಸಬಹುದು ಪ್ರಮಾಣ ಪತ್ರವನ್ನು ನಿರಾಕ್ಷೇಪಣಾ ಪತ್ರವಾಗಿ ಪಡೆದು ಸದರಿ ಜಮೀನಿಗೆ ಸಂಬಂಧಿಸಿದ ದಾಖಲೆಗಳನ್ನು ಪರಿಶೀಲಿಸಲಾಗಿದ್ದು ಯಾರಿಗಾದರೂ ಆಕ್ಷೇಪಣೆ ಇದ್ದಲ್ಲಿ ಸಲ್ಲಿಸಬಹುದು ಪ್ರಮಾಣ ಪತ್ರವನ್ನು ನಿರಾಕ್ಷೇಪಣಾ ಪತ್ರವಾಗಿ ಪಡೆದು ಸದರಿ ಜಮೀನಿಗೆ ಸಂಬಂಧಿಸಿದ ದಾಖಲೆಗಳನ್ನು ಪರಿಶೀಲಿಸಲಾಗಿದ್ದು ಯಾರಿಗಾದರೂ ಆಕ್ಷೇಪಣೆ ಇದ್ದಲ್ಲಿ ಸಲ್ಲಿಸಬಹುದು ಪ್ರಮಾಣ ಪತ್ರವನ್ನು ನಿರಾಕ್ಷೇಪಣಾ ಪತ್ರವಾಗಿ ಪಡೆದು ಸದರಿ ಜಮೀನಿಗೆ ಸಂಬಂಧಿಸಿದ ದಾಖಲೆಗಳನ್ನು ಪರಿಶೀಲಿಸಲಾಗಿದ್ದು
ಸ್ಥಳ : ರಾಯಚೂರು	ಸಹಿ/- (ಪ್ರಮಾಣ ಪತ್ರದಾರರು)
ದಿನಾಂಕ : 08/07/2025.
ಖರೀದಿ ಪತ್ರ ಕಳೆದಿದೆ
ಬಳ್ಳಾರಿ ಜಿಲ್ಲೆ ಸಂಡೂರು ತಾಲೂಕಿನ ಖರೀದಿ ಪತ್ರ ಕಳೆದುಹೋಗಿದ್ದು, ಸಿಕ್ಕಲ್ಲಿ ಈ ಕೆಳಗಿನ ವಿಳಾಸಕ್ಕೆ ತಲುಪಿಸಬೇಕಾಗಿ ವಿನಂತಿ.
ಬಳ್ಳಾರಿ ಜಿಲ್ಲೆ ಸಂಡೂರು ತಾಲೂಕಿನ ಖರೀದಿ ಪತ್ರ ಕಳೆದುಹೋಗಿದ್ದು ಸಿಕ್ಕಲ್ಲಿ ಈ ಕೆಳಗಿನ ವಿಳಾಸಕ್ಕೆ ತಲುಪಿಸಬೇಕಾಗಿ ವಿನಂತಿ ಬಳ್ಳಾರಿ ಜಿಲ್ಲೆ ಸಂಡೂರು ತಾಲೂಕಿನ ಖರೀದಿ ಪತ್ರ ಕಳೆದುಹೋಗಿದ್ದು ಸಿಕ್ಕಲ್ಲಿ ಈ ಕೆಳಗಿನ ವಿಳಾಸಕ್ಕೆ ತಲುಪಿಸಬೇಕಾಗಿ ವಿನಂತಿ ಬಳ್ಳಾರಿ ಜಿಲ್ಲೆ ಸಂಡೂರು ತಾಲೂಕಿನ ಖರೀದಿ ಪತ್ರ ಕಳೆದುಹೋಗಿದ್ದು
ಸ್ಥಳ : ಬಳ್ಳಾರಿ
ದಿನಾಂಕ : 09-07-2025.
ಬಳ್ಳಾರಿ ಜಿಲ್ಲೆ, ಸಂಡೂರು, ಮೊ: 9449695375.
PAPER CITATION
IN THE COURT OF THE PRL. CIVIL JUDGE & J.M.F.C.... AT SHORAPUR.
Crl.Misc.No. 1398 /2025
Petitioners : 1)Chandremappa S/o. Somayya, Age : 70 Years, Occ : Agri, 2) Yallamma W/o. Basayya, Age : 50 Years, Occ : House-hold, Both are R/o. Halagera, Tq : Shorapur, Dist : Yadagir.
-V/s-
Respondents : 1) The Tahasildar Shorapur, Dist : Yadagir. 2) All concerned.
1.Whereas the named petitioners have filed an application U/s. 13(3) of birth and death registration Act, 1969 against The Tahsildar Shorapur and all concerned persons for issue of death certificate of deceased Bhimavva W/o. Somayya who was died on 27-12-2001 at village Halagera. 2. Therefore, you are hereby directed to all concerned in the above case, to appear before this court on 16-08-2025 at 11:00 a.m. 3. Given under my hand seal of this court. On this 9th day of July 2025 at Shorapur.
Sd/- Shivsharana T. Advocate Shorapur for the Petitioners.
//By Order Of The Court// Sd/- Chief Ministerial Officer. J.M.F.C. court at Shorapur.
PAPER CITATION
IN THE COURT OF THE PRL. CIVIL JUDGE & J.M.F.C.... AT SHORAPUR
Crl.Misc.No.1399 /2025
Petitioners : 1) Chandremappa S/o. Somayya, Age : 70 Years, Occ : Agri, 2) Yallamma W/o. Basayya, Age : 50 Years, Occ : House-hold, Both are R/o. Halagera, Tq : Shorapur, Dist : Yadagir.
-V/s-
Respondents : 1) The Tahasildar Shorapur, Dist : Yadagir. 2) All concerned.
1. Whereas the named petitioners have filed an application U/s. 13(3) of birth and death registration Act, 1969 against The Tahsildar Shorapur for issue of death certificate of deceased Somayya S/o. Yankayya who was died on 22-11-2010 at village Halagera. 2. Therefore, you are hereby directed to appear before this court on 16-8-2025 at 11:00 a.m. 3. Given under my hand seal of this court. On this 9th day of July 2025 at Shorapur.
Sd/- Shivsharana T. Advocate Shorapur for the Petitioners.
//By Order Of The Court// Sd/- Chief Ministerial Officer. J.M.F.C. court at Shorapur.
PAPER CITATION
IN THE COURT OF THE PRL CIVIL JUDGE & J.M.F.C.... AT SHORAPUR
Crl.Misc.No. 1402/2025
Petitioners : Maremma W/o. Mahadevappa, Age : 33 Years, Occ : House-wife. a) Basamma D/o. Mahadevappa, Age : 10 Years, Minor. b) Venkatesh D/o. Mahadevappa, Age : 09 Years, Minor. R/o. Shakhapur (SH), Tq : Shorapur, Dist : Yadgir.
-V/s-
Respondents : 1) The Tahasildar Shorapur, Dist : Yadagir. 2) All concerned.
1. Whereas the named petitioners have filed an application U/s. 13(3) of birth and death registration Act, 1969 against The Tahsildar Shorapur for issue of death certificate of deceased Mahadevappa S/o. Basayya who was died on 22-01-2023 at village Shakhapur (SH). 2. Therefore, you are hereby directed to appear before this court on 19-08-2025 at 11:00 a.m. 3. Given under my hand seal of this court. On this 9th day of July 2025 at Shorapur.
Sd/- Shivsharana T. Advocate Shorapur for the Petitioners.
//By Order Of The Court// Sd/- Chief Ministerial Officer. J.M.F.C. court at Shorapur.
